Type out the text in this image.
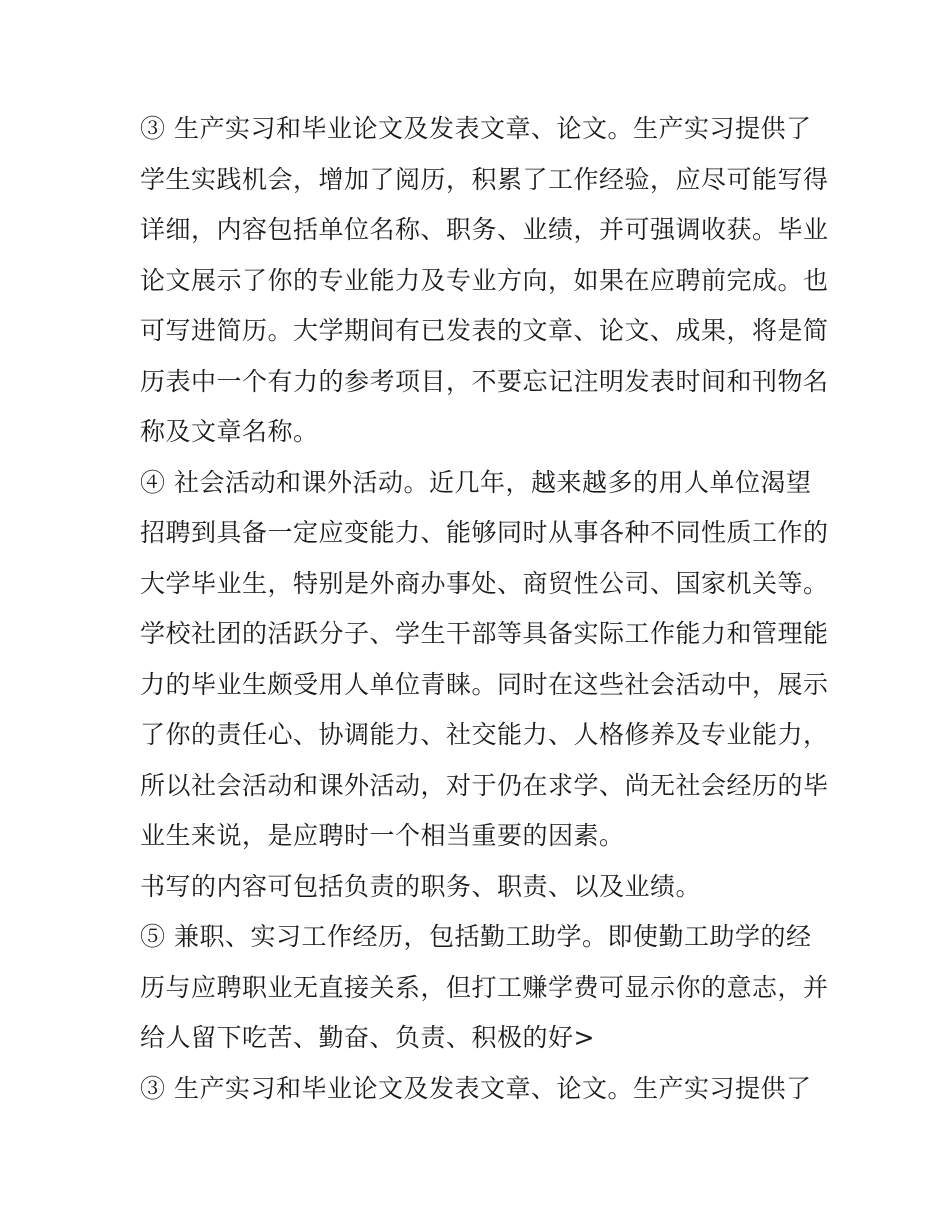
③ 生产实习和毕业论文及发表文章、论文。生产实习提供了
学生实践机会，增加了阅历，积累了工作经验，应尽可能写得
详细，内容包括单位名称、职务、业绩，并可强调收获。毕业
论文展示了你的专业能力及专业方向，如果在应聘前完成。也
可写进简历。大学期间有已发表的文章、论文、成果，将是简
历表中一个有力的参考项目，不要忘记注明发表时间和刊物名
称及文章名称。
④ 社会活动和课外活动。近几年，越来越多的用人单位渴望
招聘到具备一定应变能力、能够同时从事各种不同性质工作的
大学毕业生，特别是外商办事处、商贸性公司、国家机关等。
学校社团的活跃分子、学生干部等具备实际工作能力和管理能
力的毕业生颇受用人单位青睐。同时在这些社会活动中，展示
了你的责任心、协调能力、社交能力、人格修养及专业能力，
所以社会活动和课外活动，对于仍在求学、尚无社会经历的毕
业生来说，是应聘时一个相当重要的因素。
书写的内容可包括负责的职务、职责、以及业绩。
⑤ 兼职、实习工作经历，包括勤工助学。即使勤工助学的经
历与应聘职业无直接关系，但打工赚学费可显示你的意志，并
给人留下吃苦、勤奋、负责、积极的好>
③ 生产实习和毕业论文及发表文章、论文。生产实习提供了
